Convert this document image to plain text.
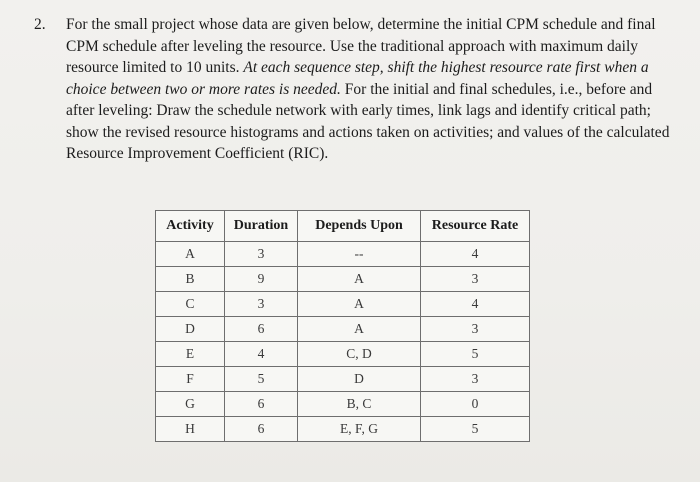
2. For the small project whose data are given below, determine the initial CPM schedule and final CPM schedule after leveling the resource. Use the traditional approach with maximum daily resource limited to 10 units. At each sequence step, shift the highest resource rate first when a choice between two or more rates is needed. For the initial and final schedules, i.e., before and after leveling: Draw the schedule network with early times, link lags and identify critical path; show the revised resource histograms and actions taken on activities; and values of the calculated Resource Improvement Coefficient (RIC).
Activity	Duration	Depends Upon	Resource Rate
A	3	--	4
B	9	A	3
C	3	A	4
D	6	A	3
E	4	C, D	5
F	5	D	3
G	6	B, C	0
H	6	E, F, G	5
